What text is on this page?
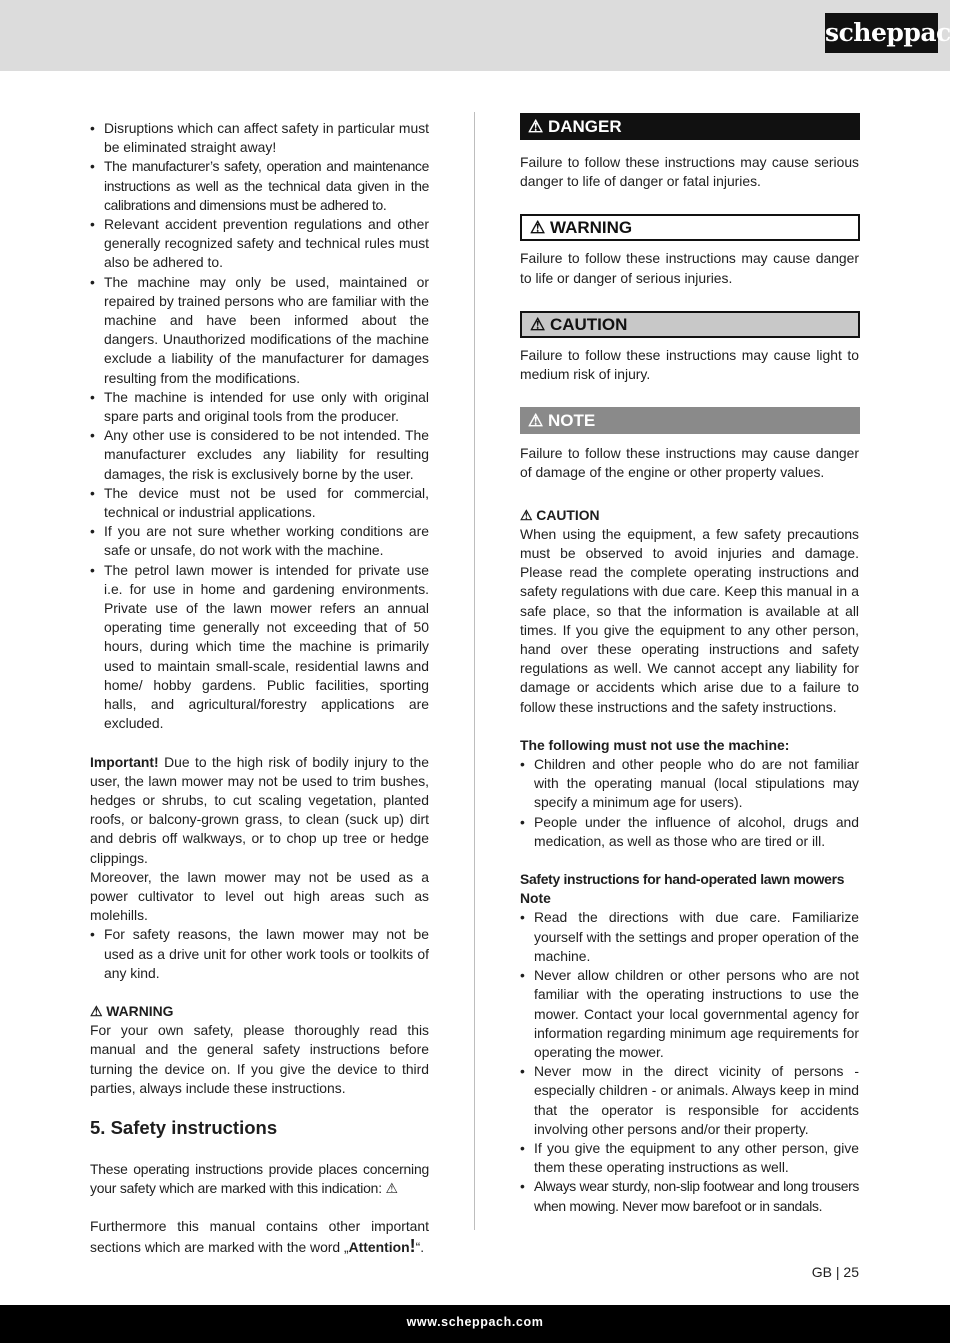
scheppach
• Disruptions which can affect safety in particular must be eliminated straight away!
• The manufacturer’s safety, operation and maintenance instructions as well as the technical data given in the calibrations and dimensions must be adhered to.
• Relevant accident prevention regulations and other generally recognized safety and technical rules must also be adhered to.
• The machine may only be used, maintained or repaired by trained persons who are familiar with the machine and have been informed about the dangers. Unauthorized modifications of the machine exclude a liability of the manufacturer for damages resulting from the modifications.
• The machine is intended for use only with original spare parts and original tools from the producer.
• Any other use is considered to be not intended. The manufacturer excludes any liability for resulting damages, the risk is exclusively borne by the user.
• The device must not be used for commercial, technical or industrial applications.
• If you are not sure whether working conditions are safe or unsafe, do not work with the machine.
• The petrol lawn mower is intended for private use i.e. for use in home and gardening environments. Private use of the lawn mower refers an annual operating time generally not exceeding that of 50 hours, during which time the machine is primarily used to maintain small-scale, residential lawns and home/ hobby gardens. Public facilities, sporting halls, and agricultural/forestry applications are excluded.

Important! Due to the high risk of bodily injury to the user, the lawn mower may not be used to trim bushes, hedges or shrubs, to cut scaling vegetation, planted roofs, or balcony-grown grass, to clean (suck up) dirt and debris off walkways, or to chop up tree or hedge clippings.

Moreover, the lawn mower may not be used as a power cultivator to level out high areas such as molehills.

• For safety reasons, the lawn mower may not be used as a drive unit for other work tools or toolkits of any kind.
⚠ WARNING

For your own safety, please thoroughly read this manual and the general safety instructions before turning the device on. If you give the device to third parties, always include these instructions.

5. Safety instructions

These operating instructions provide places concerning your safety which are marked with this indication: ⚠

Furthermore this manual contains other important sections which are marked with the word „Attention!“.

⚠ DANGER

Failure to follow these instructions may cause serious danger to life of danger or fatal injuries.

⚠ WARNING

Failure to follow these instructions may cause danger to life or danger of serious injuries.

⚠ CAUTION

Failure to follow these instructions may cause light to medium risk of injury.

⚠ NOTE

Failure to follow these instructions may cause danger of damage of the engine or other property values.

⚠ CAUTION

When using the equipment, a few safety precautions must be observed to avoid injuries and damage. Please read the complete operating instructions and safety regulations with due care. Keep this manual in a safe place, so that the information is available at all times. If you give the equipment to any other person, hand over these operating instructions and safety regulations as well. We cannot accept any liability for damage or accidents which arise due to a failure to follow these instructions and the safety instructions.

The following must not use the machine:
• Children and other people who do are not familiar with the operating manual (local stipulations may specify a minimum age for users).
• People under the influence of alcohol, drugs and medication, as well as those who are tired or ill.
Safety instructions for hand-operated lawn mowers
Note
• Read the directions with due care. Familiarize yourself with the settings and proper operation of the machine.
• Never allow children or other persons who are not familiar with the operating instructions to use the mower. Contact your local governmental agency for information regarding minimum age requirements for operating the mower.
• Never mow in the direct vicinity of persons - especially children - or animals. Always keep in mind that the operator is responsible for accidents involving other persons and/or their property.
• If you give the equipment to any other person, give them these operating instructions as well.
• Always wear sturdy, non-slip footwear and long trousers when mowing. Never mow barefoot or in sandals.
GB | 25
www.scheppach.com
